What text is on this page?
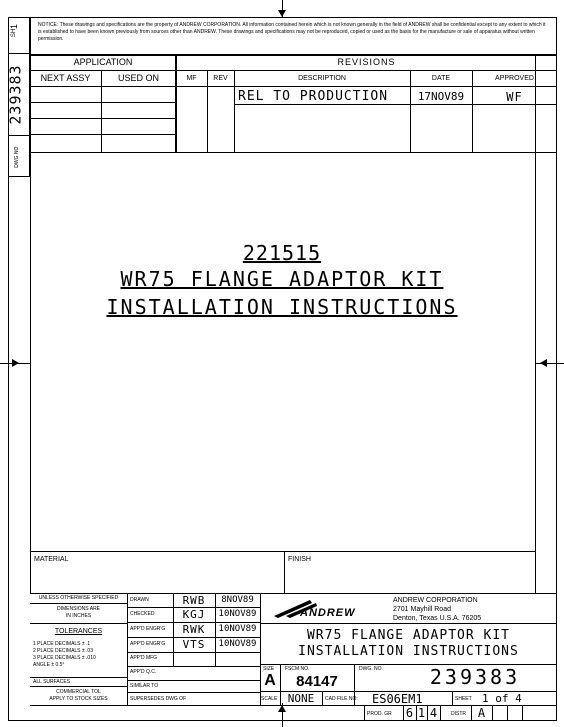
SH
1
239383
DWG NO.
NOTICE: These drawings and specifications are the property of ANDREW CORPORATION. All information contained herein which is not known generally in the field of ANDREW shall be confidential except to any extent to which it is established to have been known previously from sources other than ANDREW. These drawings and specifications may not be reproduced, copied or used as the basis for the manufacture or sale of apparatus without written permission.
APPLICATION
NEXT ASSY	USED ON
REVISIONS
MF	REV	DESCRIPTION	DATE	APPROVED
REL TO PRODUCTION	17NOV89	WF
221515
WR75 FLANGE ADAPTOR KIT
INSTALLATION INSTRUCTIONS
MATERIAL	FINISH
UNLESS OTHERWISE SPECIFIED
DIMENSIONS ARE
IN INCHES
TOLERANCES
1 PLACE DECIMALS ± .1
2 PLACE DECIMALS ± .03
3 PLACE DECIMALS ± .010
ANGLE ± 0.5°
ALL SURFACES
COMMERCIAL TOL
APPLY TO STOCK SIZES
DRAWN	RWB	8NOV89
CHECKED	KGJ	10NOV89
APP'D ENGR'G	RWK	10NOV89
APP'D ENGR'G	VTS	10NOV89
APP'D MFG
APP'D Q.C.
SIMILAR TO
SUPERSEDES DWG OF
ANDREW
ANDREW CORPORATION
2701 Mayhill Road
Denton, Texas U.S.A. 76205
WR75 FLANGE ADAPTOR KIT
INSTALLATION INSTRUCTIONS
SIZE
A
FSCM NO.
84147
DWG. NO.	239383
SCALE NONE	CAD FILE NO: ES06EM1	SHEET 1 of 4
PROD. GR 6 1 4	DISTR A
